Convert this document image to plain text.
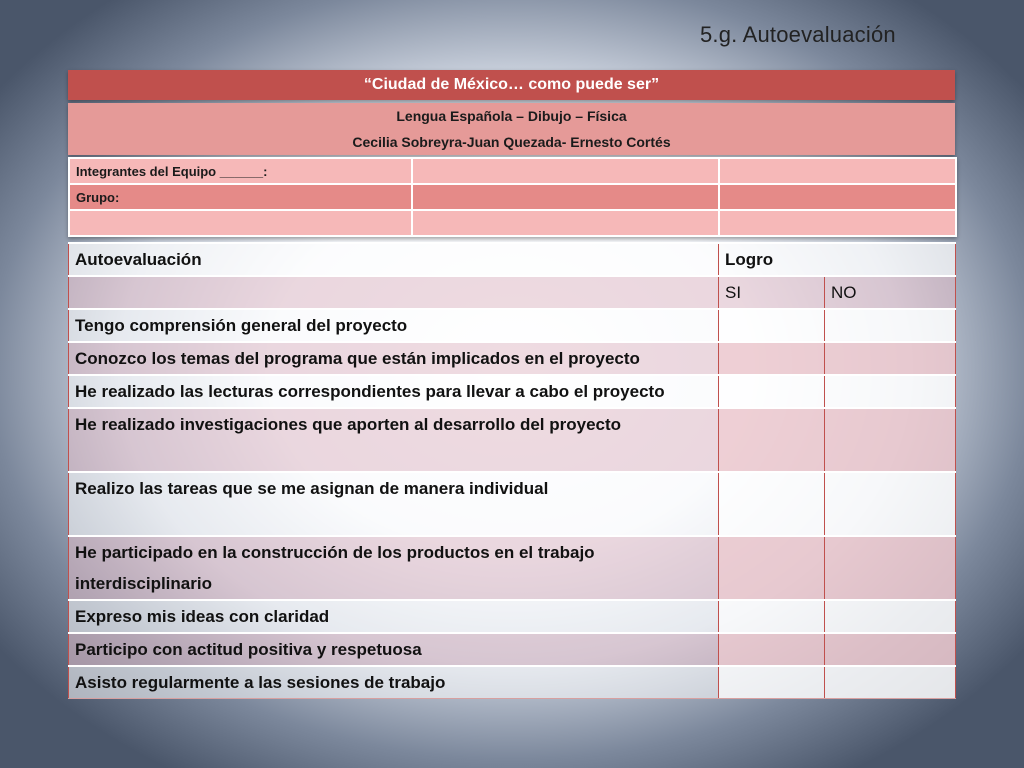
5.g. Autoevaluación
“Ciudad de México… como puede ser”
Lengua Española – Dibujo – Física
Cecilia Sobreyra-Juan Quezada- Ernesto Cortés
Integrantes del Equipo ______:		
Grupo:		

Autoevaluación	Logro	
	SI	NO
Tengo comprensión general del proyecto		
Conozco los temas del programa que están implicados en el proyecto		
He realizado las lecturas correspondientes para llevar a cabo el proyecto		
He realizado investigaciones que aporten al desarrollo del proyecto		
Realizo las tareas que se me asignan de manera individual		
He participado en la construcción de los productos en el trabajo interdisciplinario		
Expreso mis ideas con claridad		
Participo con actitud positiva y respetuosa		
Asisto regularmente a las sesiones de trabajo		
